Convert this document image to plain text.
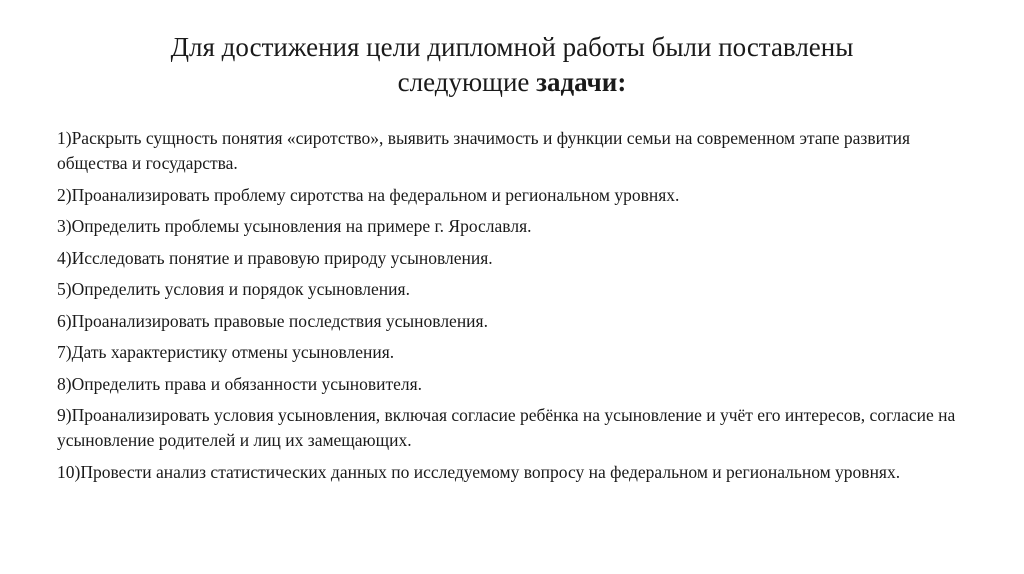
Для достижения цели дипломной работы были поставлены
следующие задачи:
1)Раскрыть сущность понятия «сиротство», выявить значимость и функции семьи на современном этапе развития общества и государства.
2)Проанализировать проблему сиротства на федеральном и региональном уровнях.
3)Определить проблемы усыновления на примере г. Ярославля.
4)Исследовать понятие и правовую природу усыновления.
5)Определить условия и порядок усыновления.
6)Проанализировать правовые последствия усыновления.
7)Дать характеристику отмены усыновления.
8)Определить права и обязанности усыновителя.
9)Проанализировать условия усыновления, включая согласие ребёнка на усыновление и учёт его интересов, согласие на усыновление родителей и лиц их замещающих.
10)Провести анализ статистических данных по исследуемому вопросу на федеральном и региональном уровнях.
